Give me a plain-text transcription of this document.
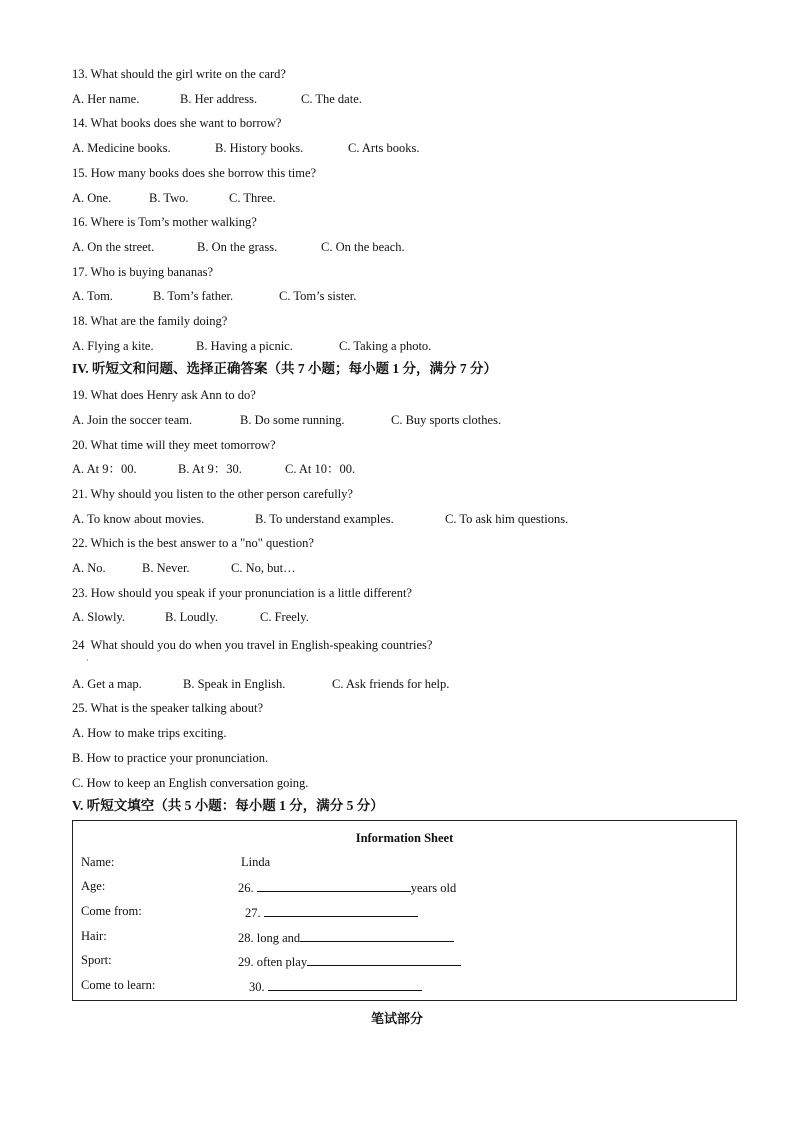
13. What should the girl write on the card?
A. Her name.	B. Her address.	C. The date.
14. What books does she want to borrow?
A. Medicine books.	B. History books.	C. Arts books.
15. How many books does she borrow this time?
A. One.	B. Two.	C. Three.
16. Where is Tom’s mother walking?
A. On the street.	B. On the grass.	C. On the beach.
17. Who is buying bananas?
A. Tom.	B. Tom’s father.	C. Tom’s sister.
18. What are the family doing?
A. Flying a kite.	B. Having a picnic.	C. Taking a photo.
IV. 听短文和问题、选择正确答案（共 7 小题；每小题 1 分，满分 7 分）
19. What does Henry ask Ann to do?
A. Join the soccer team.	B. Do some running.	C. Buy sports clothes.
20. What time will they meet tomorrow?
A. At 9：00.	B. At 9：30.	C. At 10：00.
21. Why should you listen to the other person carefully?
A. To know about movies.	B. To understand examples.	C. To ask him questions.
22. Which is the best answer to a "no" question?
A. No.	B. Never.	C. No, but…
23. How should you speak if your pronunciation is a little different?
A. Slowly.	B. Loudly.	C. Freely.
24  What should you do when you travel in English-speaking countries?
·
A. Get a map.	B. Speak in English.	C. Ask friends for help.
25. What is the speaker talking about?
A. How to make trips exciting.
B. How to practice your pronunciation.
C. How to keep an English conversation going.
V. 听短文填空（共 5 小题：每小题 1 分，满分 5 分）
Information Sheet
Name:	Linda
Age:	26.	years old
Come from:	27.
Hair:	28. long and
Sport:	29. often play
Come to learn:	30.
笔试部分
